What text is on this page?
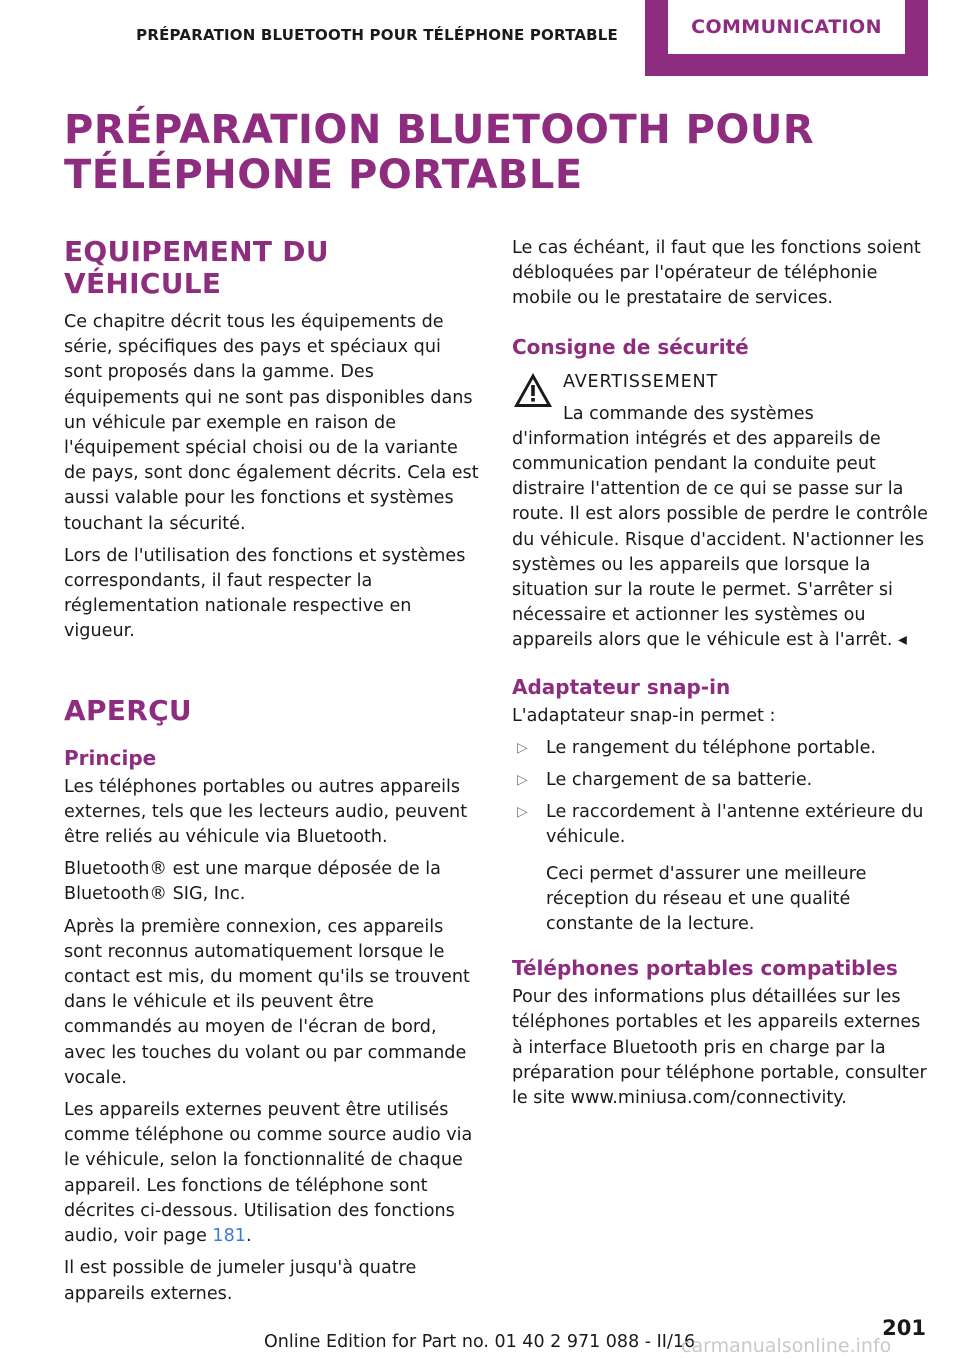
PRÉPARATION BLUETOOTH POUR TÉLÉPHONE PORTABLE	COMMUNICATION
PRÉPARATION BLUETOOTH POUR TÉLÉPHONE PORTABLE
EQUIPEMENT DU VÉHICULE

Ce chapitre décrit tous les équipements de série, spécifiques des pays et spéciaux qui sont proposés dans la gamme. Des équipements qui ne sont pas disponibles dans un véhicule par exemple en raison de l'équipement spécial choisi ou de la variante de pays, sont donc également décrits. Cela est aussi valable pour les fonctions et systèmes touchant la sécurité.

Lors de l'utilisation des fonctions et systèmes correspondants, il faut respecter la réglementation nationale respective en vigueur.

APERÇU
Principe

Les téléphones portables ou autres appareils externes, tels que les lecteurs audio, peuvent être reliés au véhicule via Bluetooth.

Bluetooth® est une marque déposée de la Bluetooth® SIG, Inc.

Après la première connexion, ces appareils sont reconnus automatiquement lorsque le contact est mis, du moment qu'ils se trouvent dans le véhicule et ils peuvent être commandés au moyen de l'écran de bord, avec les touches du volant ou par commande vocale.

Les appareils externes peuvent être utilisés comme téléphone ou comme source audio via le véhicule, selon la fonctionnalité de chaque appareil. Les fonctions de téléphone sont décrites ci-dessous. Utilisation des fonctions audio, voir page 181.

Il est possible de jumeler jusqu'à quatre appareils externes.

Le cas échéant, il faut que les fonctions soient débloquées par l'opérateur de téléphonie mobile ou le prestataire de services.

Consigne de sécurité
AVERTISSEMENT

La commande des systèmes d'information intégrés et des appareils de communication pendant la conduite peut distraire l'attention de ce qui se passe sur la route. Il est alors possible de perdre le contrôle du véhicule. Risque d'accident. N'actionner les systèmes ou les appareils que lorsque la situation sur la route le permet. S'arrêter si nécessaire et actionner les systèmes ou appareils alors que le véhicule est à l'arrêt. ◂

Adaptateur snap-in

L'adaptateur snap-in permet :

▷ Le rangement du téléphone portable.
▷ Le chargement de sa batterie.
▷ Le raccordement à l'antenne extérieure du véhicule.

Ceci permet d'assurer une meilleure réception du réseau et une qualité constante de la lecture.

Téléphones portables compatibles

Pour des informations plus détaillées sur les téléphones portables et les appareils externes à interface Bluetooth pris en charge par la préparation pour téléphone portable, consulter le site www.miniusa.com/connectivity.

Online Edition for Part no. 01 40 2 971 088 - II/16
201
carmanualsonline.info
